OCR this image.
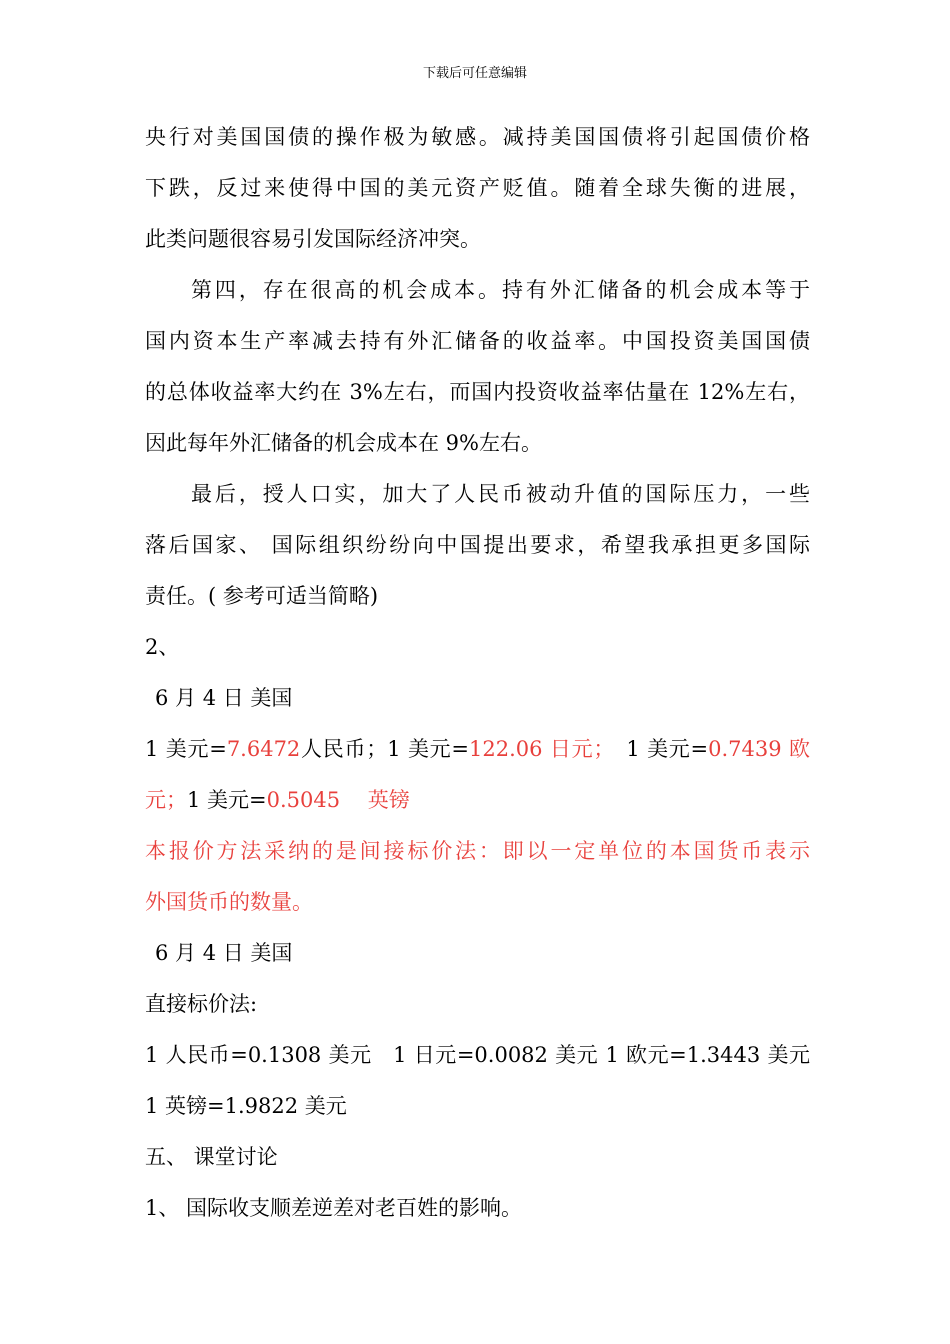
下载后可任意编辑
央行对美国国债的操作极为敏感。减持美国国债将引起国债价格
下跌，反过来使得中国的美元资产贬值。随着全球失衡的进展，
此类问题很容易引发国际经济冲突。
第四，存在很高的机会成本。持有外汇储备的机会成本等于
国内资本生产率减去持有外汇储备的收益率。中国投资美国国债
的总体收益率大约在 3%左右，而国内投资收益率估量在 12%左右，
因此每年外汇储备的机会成本在 9%左右。
最后，授人口实，加大了人民币被动升值的国际压力，一些
落后国家、 国际组织纷纷向中国提出要求，希望我承担更多国际
责任。( 参考可适当简略)
2、
6 月 4 日 美国
1 美元=7.6472人民币；1 美元=122.06 日元；　 1 美元=0.7439 欧
元；1 美元=0.5045　 英镑
本报价方法采纳的是间接标价法：即以一定单位的本国货币表示
外国货币的数量。
6 月 4 日 美国
直接标价法:
1 人民币=0.1308 美元　 1 日元=0.0082 美元 1 欧元=1.3443 美元
1 英镑=1.9822 美元
五、 课堂讨论
1、 国际收支顺差逆差对老百姓的影响。
